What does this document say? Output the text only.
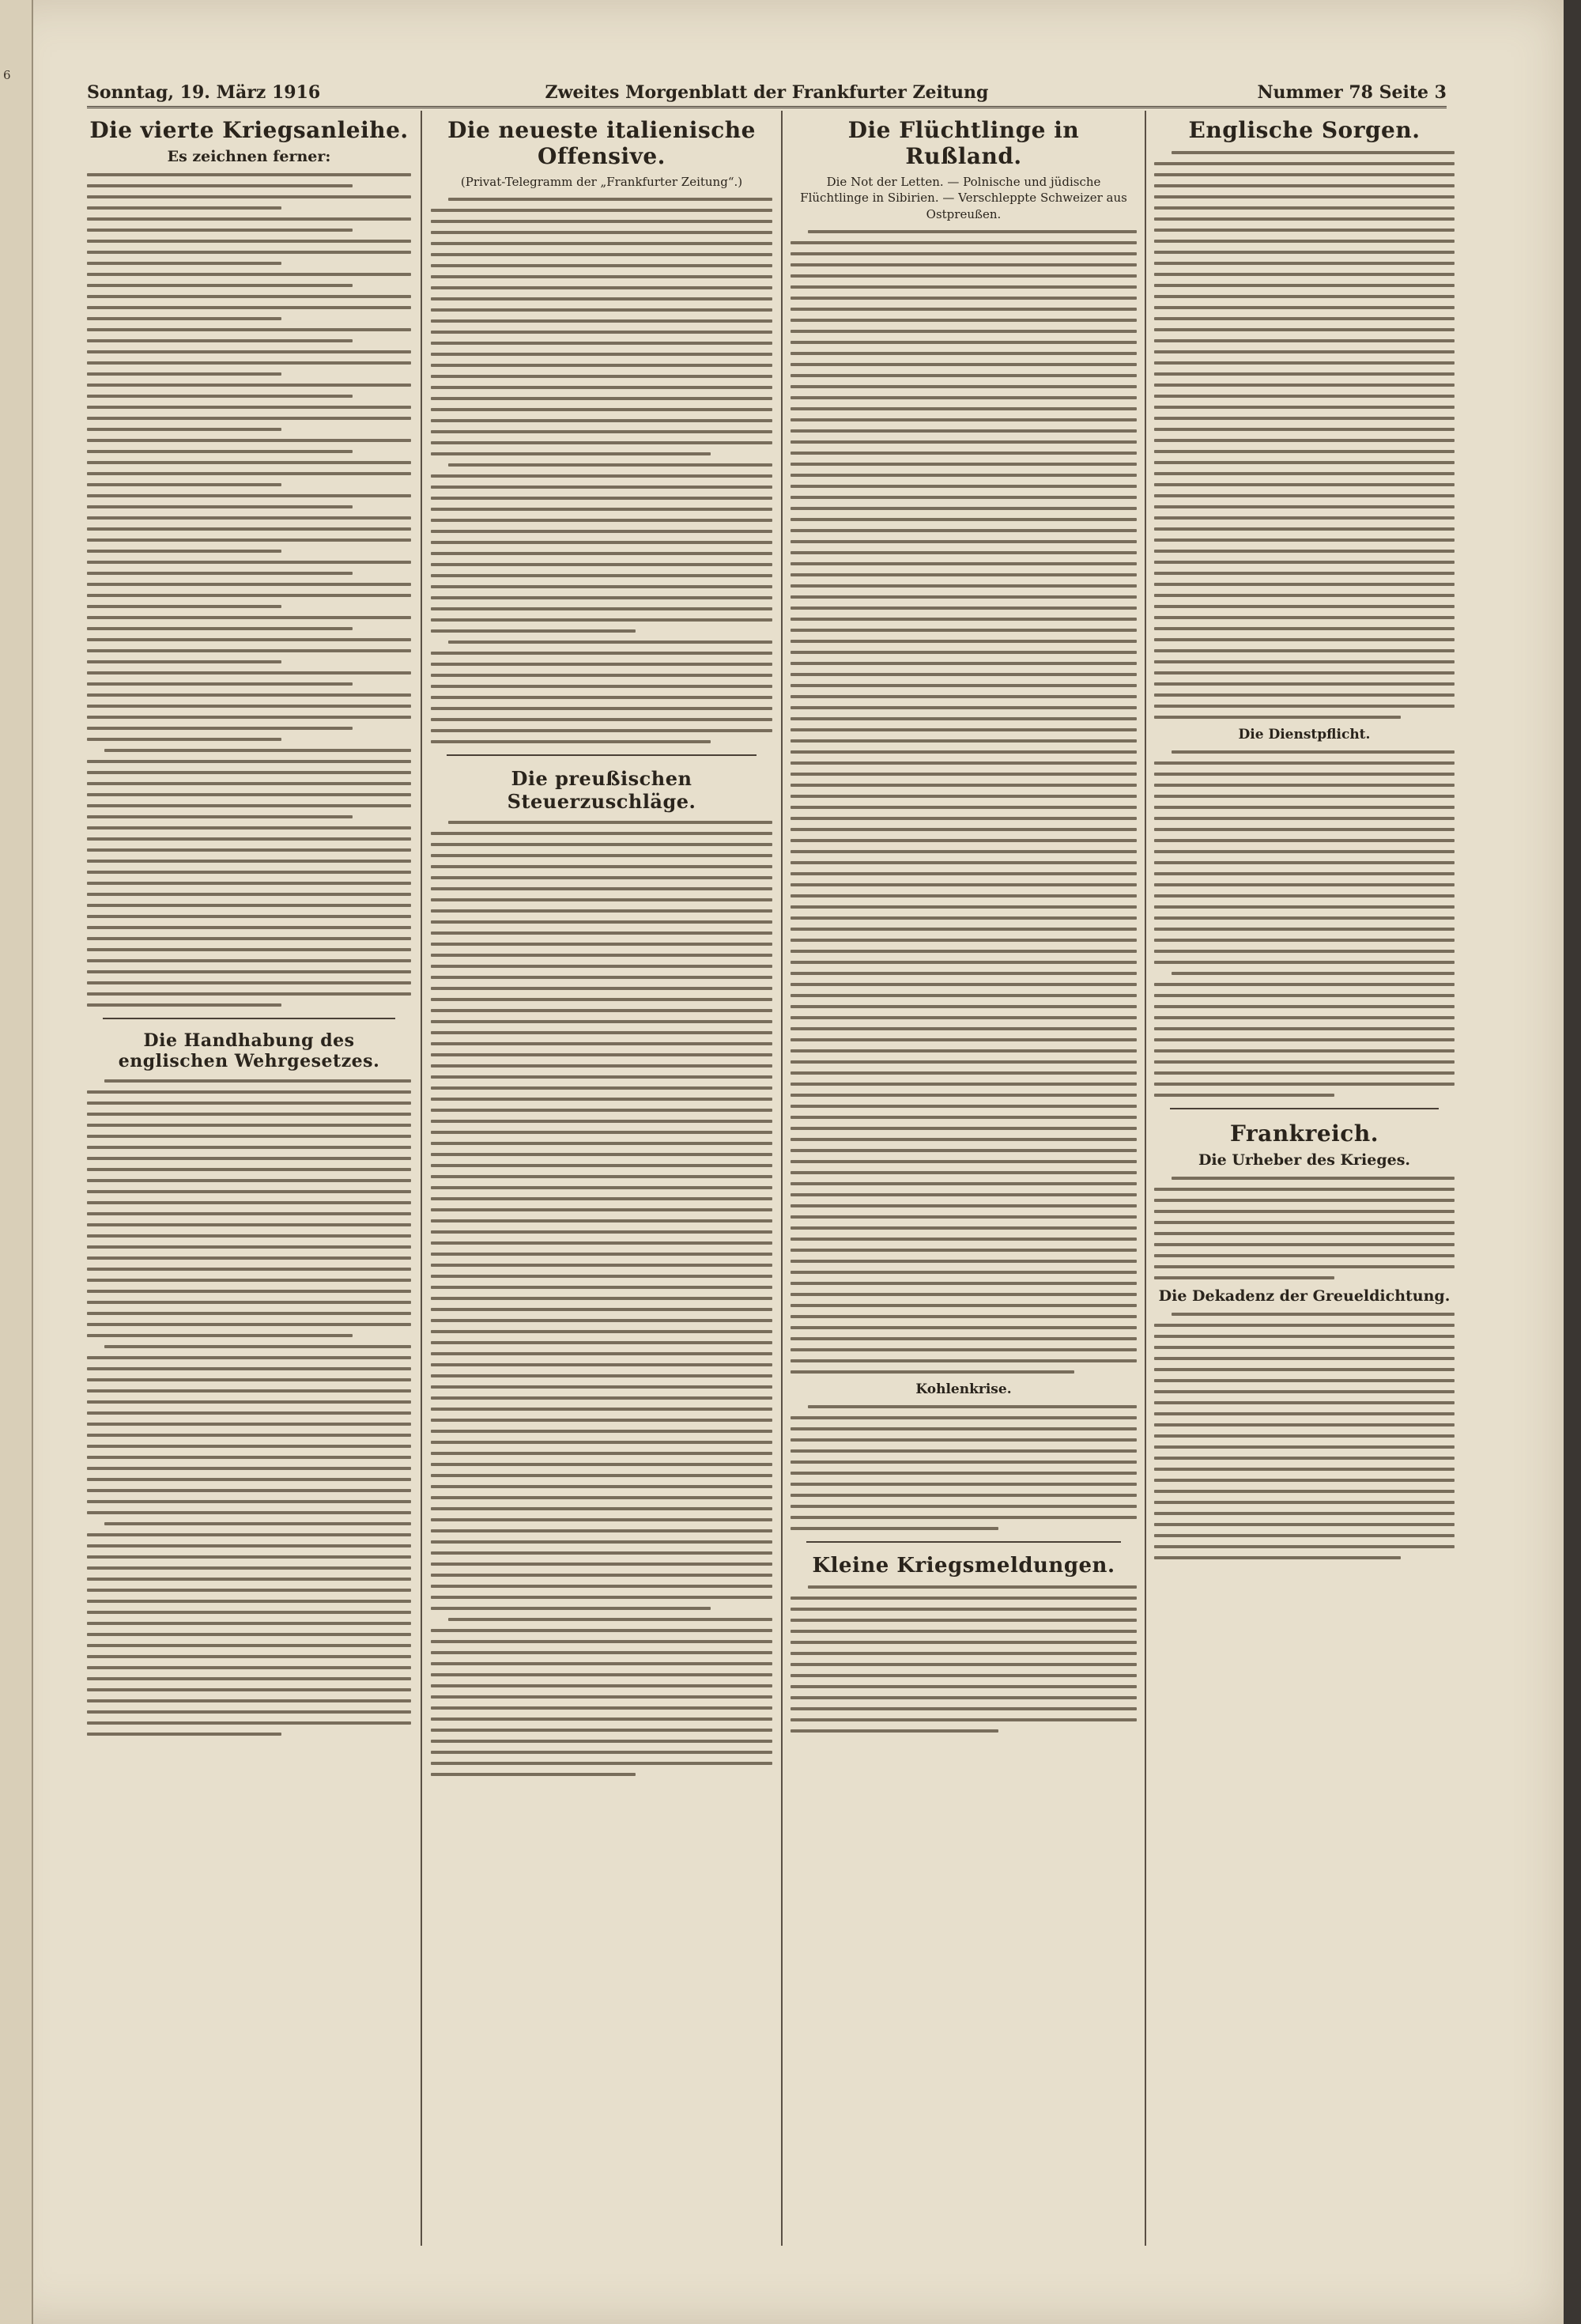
6
Sonntag, 19. März 1916	Zweites Morgenblatt der Frankfurter Zeitung	Nummer 78 Seite 3
Die vierte Kriegsanleihe.
Es zeichnen ferner:
Die Handhabung des englischen Wehrgesetzes.
Die neueste italienische Offensive.
(Privat-Telegramm der „Frankfurter Zeitung“.)
Die preußischen Steuerzuschläge.
Die Flüchtlinge in Rußland.
Die Not der Letten. — Polnische und jüdische Flüchtlinge in Sibirien. — Verschleppte Schweizer aus Ostpreußen.
Kohlenkrise.
Kleine Kriegsmeldungen.
Englische Sorgen.
Die Dienstpflicht.
Frankreich.
Die Urheber des Krieges.
Die Dekadenz der Greueldichtung.
